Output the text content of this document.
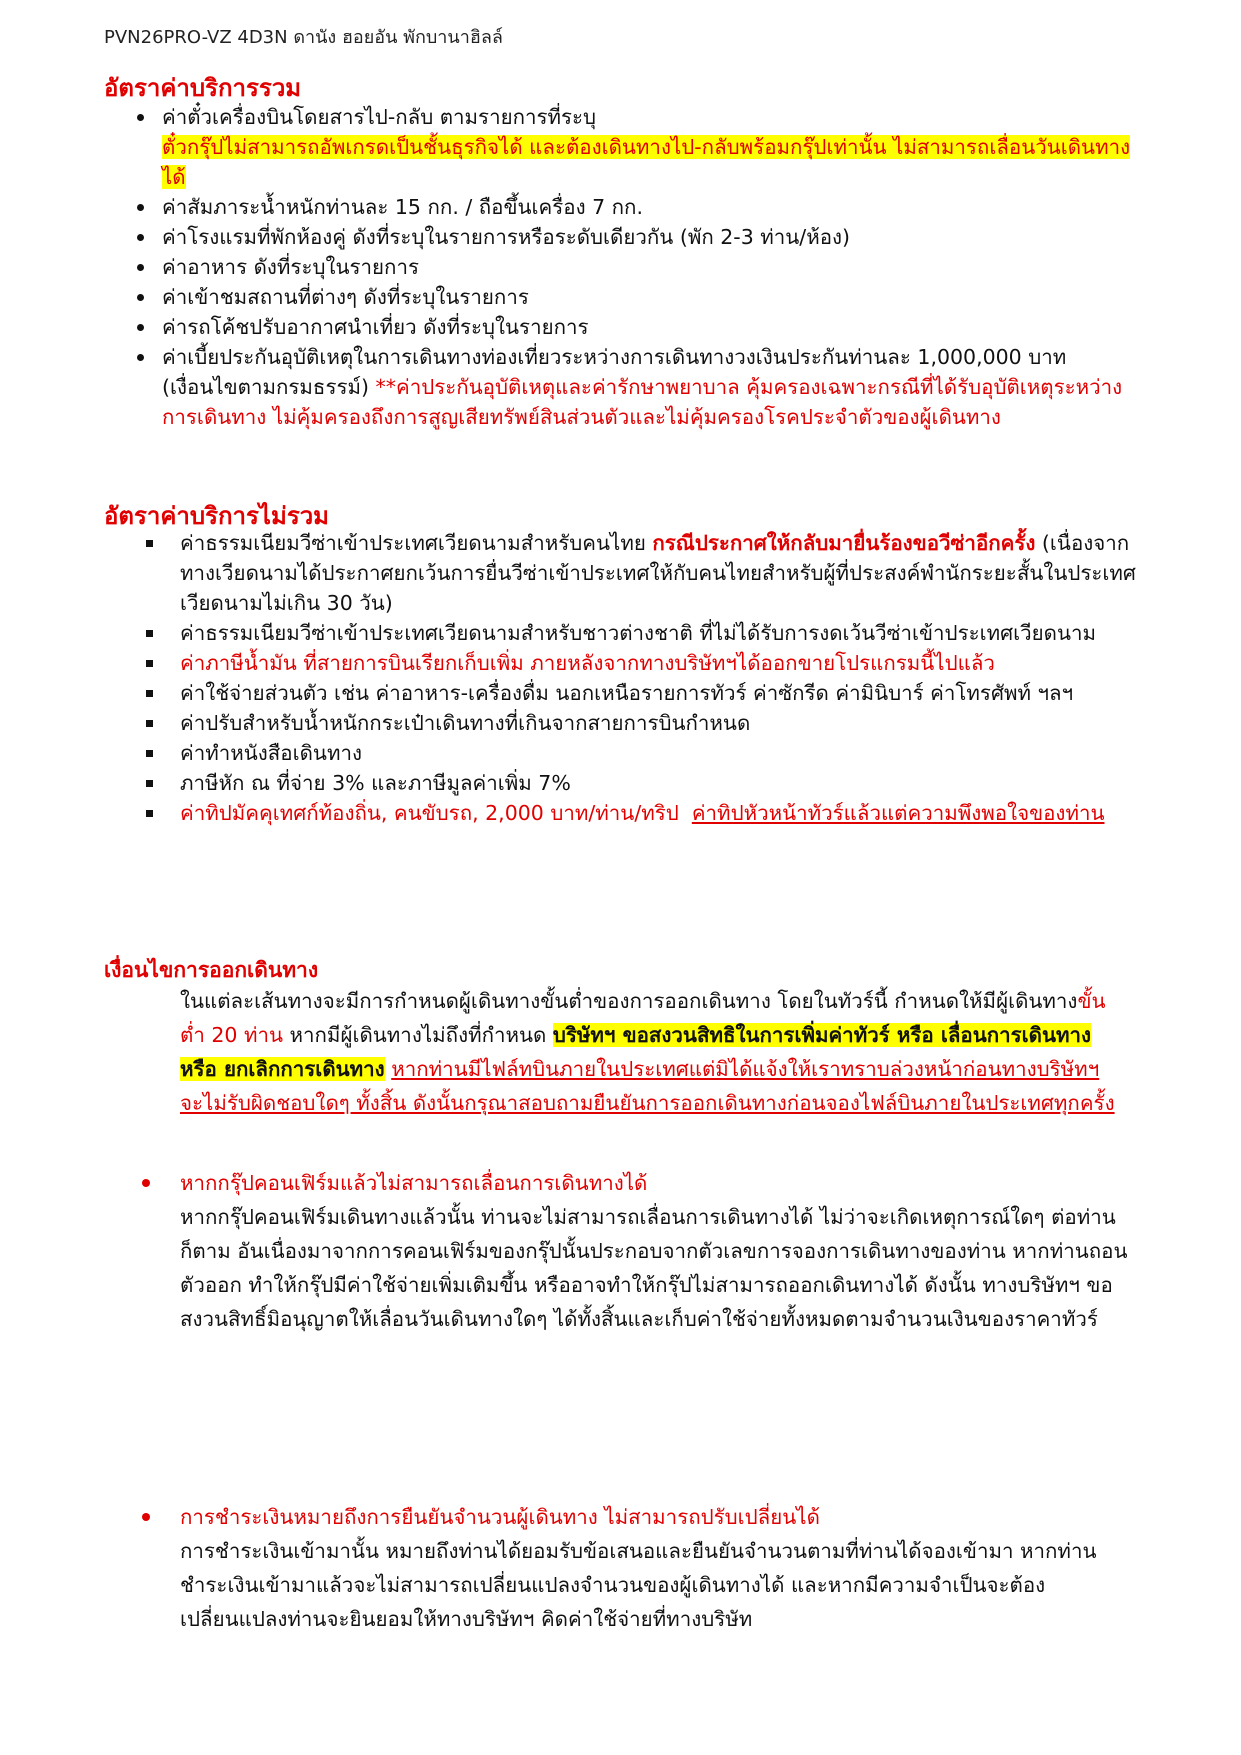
PVN26PRO-VZ 4D3N ดานัง ฮอยอัน พักบานาฮิลล์
อัตราค่าบริการรวม
ค่าตั๋วเครื่องบินโดยสารไป-กลับ ตามรายการที่ระบุ
ตั๋วกรุ๊ปไม่สามารถอัพเกรดเป็นชั้นธุรกิจได้ และต้องเดินทางไป-กลับพร้อมกรุ๊ปเท่านั้น ไม่สามารถเลื่อนวันเดินทางได้
ค่าสัมภาระน้ำหนักท่านละ 15 กก. / ถือขึ้นเครื่อง 7 กก.
ค่าโรงแรมที่พักห้องคู่ ดังที่ระบุในรายการหรือระดับเดียวกัน (พัก 2-3 ท่าน/ห้อง)
ค่าอาหาร ดังที่ระบุในรายการ
ค่าเข้าชมสถานที่ต่างๆ ดังที่ระบุในรายการ
ค่ารถโค้ชปรับอากาศนำเที่ยว ดังที่ระบุในรายการ
ค่าเบี้ยประกันอุบัติเหตุในการเดินทางท่องเที่ยวระหว่างการเดินทางวงเงินประกันท่านละ 1,000,000 บาท (เงื่อนไขตามกรมธรรม์) **ค่าประกันอุบัติเหตุและค่ารักษาพยาบาล คุ้มครองเฉพาะกรณีที่ได้รับอุบัติเหตุระหว่างการเดินทาง ไม่คุ้มครองถึงการสูญเสียทรัพย์สินส่วนตัวและไม่คุ้มครองโรคประจำตัวของผู้เดินทาง
อัตราค่าบริการไม่รวม
ค่าธรรมเนียมวีซ่าเข้าประเทศเวียดนามสำหรับคนไทย กรณีประกาศให้กลับมายื่นร้องขอวีซ่าอีกครั้ง (เนื่องจากทางเวียดนามได้ประกาศยกเว้นการยื่นวีซ่าเข้าประเทศให้กับคนไทยสำหรับผู้ที่ประสงค์พำนักระยะสั้นในประเทศเวียดนามไม่เกิน 30 วัน)
ค่าธรรมเนียมวีซ่าเข้าประเทศเวียดนามสำหรับชาวต่างชาติ ที่ไม่ได้รับการงดเว้นวีซ่าเข้าประเทศเวียดนาม
ค่าภาษีน้ำมัน ที่สายการบินเรียกเก็บเพิ่ม ภายหลังจากทางบริษัทฯได้ออกขายโปรแกรมนี้ไปแล้ว
ค่าใช้จ่ายส่วนตัว เช่น ค่าอาหาร-เครื่องดื่ม นอกเหนือรายการทัวร์ ค่าซักรีด ค่ามินิบาร์ ค่าโทรศัพท์ ฯลฯ
ค่าปรับสำหรับน้ำหนักกระเป๋าเดินทางที่เกินจากสายการบินกำหนด
ค่าทำหนังสือเดินทาง
ภาษีหัก ณ ที่จ่าย 3% และภาษีมูลค่าเพิ่ม 7%
ค่าทิปมัคคุเทศก์ท้องถิ่น, คนขับรถ, 2,000 บาท/ท่าน/ทริป ค่าทิปหัวหน้าทัวร์แล้วแต่ความพึงพอใจของท่าน
เงื่อนไขการออกเดินทาง
ในแต่ละเส้นทางจะมีการกำหนดผู้เดินทางขั้นต่ำของการออกเดินทาง โดยในทัวร์นี้ กำหนดให้มีผู้เดินทางขั้นต่ำ 20 ท่าน หากมีผู้เดินทางไม่ถึงที่กำหนด บริษัทฯ ขอสงวนสิทธิในการเพิ่มค่าทัวร์ หรือ เลื่อนการเดินทาง หรือ ยกเลิกการเดินทาง หากท่านมีไฟล์ทบินภายในประเทศแต่มิได้แจ้งให้เราทราบล่วงหน้าก่อนทางบริษัทฯ จะไม่รับผิดชอบใดๆ ทั้งสิ้น ดังนั้นกรุณาสอบถามยืนยันการออกเดินทางก่อนจองไฟล์บินภายในประเทศทุกครั้ง
หากกรุ๊ปคอนเฟิร์มแล้วไม่สามารถเลื่อนการเดินทางได้
หากกรุ๊ปคอนเฟิร์มเดินทางแล้วนั้น ท่านจะไม่สามารถเลื่อนการเดินทางได้ ไม่ว่าจะเกิดเหตุการณ์ใดๆ ต่อท่านก็ตาม อันเนื่องมาจากการคอนเฟิร์มของกรุ๊ปนั้นประกอบจากตัวเลขการจองการเดินทางของท่าน หากท่านถอนตัวออก ทำให้กรุ๊ปมีค่าใช้จ่ายเพิ่มเติมขึ้น หรืออาจทำให้กรุ๊ปไม่สามารถออกเดินทางได้ ดังนั้น ทางบริษัทฯ ขอสงวนสิทธิ์มิอนุญาตให้เลื่อนวันเดินทางใดๆ ได้ทั้งสิ้นและเก็บค่าใช้จ่ายทั้งหมดตามจำนวนเงินของราคาทัวร์
การชำระเงินหมายถึงการยืนยันจำนวนผู้เดินทาง ไม่สามารถปรับเปลี่ยนได้
การชำระเงินเข้ามานั้น หมายถึงท่านได้ยอมรับข้อเสนอและยืนยันจำนวนตามที่ท่านได้จองเข้ามา หากท่านชำระเงินเข้ามาแล้วจะไม่สามารถเปลี่ยนแปลงจำนวนของผู้เดินทางได้ และหากมีความจำเป็นจะต้องเปลี่ยนแปลงท่านจะยินยอมให้ทางบริษัทฯ คิดค่าใช้จ่ายที่ทางบริษัท
